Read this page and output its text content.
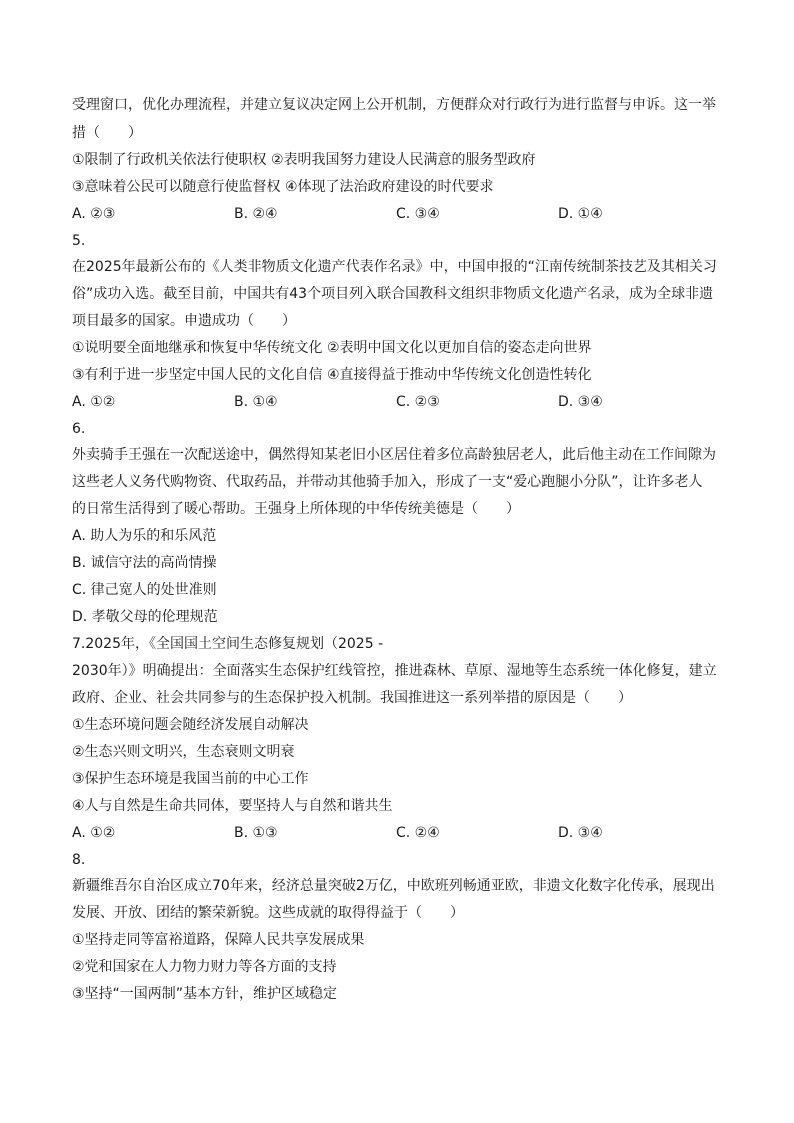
受理窗口，优化办理流程，并建立复议决定网上公开机制，方便群众对行政行为进行监督与申诉。这一举
措（　　）
①限制了行政机关依法行使职权 ②表明我国努力建设人民满意的服务型政府
③意味着公民可以随意行使监督权 ④体现了法治政府建设的时代要求
A. ②③	B. ②④	C. ③④	D. ①④
5.
在2025年最新公布的《人类非物质文化遗产代表作名录》中，中国申报的“江南传统制茶技艺及其相关习
俗”成功入选。截至目前，中国共有43个项目列入联合国教科文组织非物质文化遗产名录，成为全球非遗
项目最多的国家。申遗成功（　　）
①说明要全面地继承和恢复中华传统文化 ②表明中国文化以更加自信的姿态走向世界
③有利于进一步坚定中国人民的文化自信 ④直接得益于推动中华传统文化创造性转化
A. ①②	B. ①④	C. ②③	D. ③④
6.
外卖骑手王强在一次配送途中，偶然得知某老旧小区居住着多位高龄独居老人，此后他主动在工作间隙为
这些老人义务代购物资、代取药品，并带动其他骑手加入，形成了一支“爱心跑腿小分队”，让许多老人
的日常生活得到了暖心帮助。王强身上所体现的中华传统美德是（　　）
A. 助人为乐的和乐风范
B. 诚信守法的高尚情操
C. 律己宽人的处世准则
D. 孝敬父母的伦理规范
7.2025年，《全国国土空间生态修复规划（2025 -
2030年）》明确提出：全面落实生态保护红线管控，推进森林、草原、湿地等生态系统一体化修复，建立
政府、企业、社会共同参与的生态保护投入机制。我国推进这一系列举措的原因是（　　）
①生态环境问题会随经济发展自动解决
②生态兴则文明兴，生态衰则文明衰
③保护生态环境是我国当前的中心工作
④人与自然是生命共同体，要坚持人与自然和谐共生
A. ①②	B. ①③	C. ②④	D. ③④
8.
新疆维吾尔自治区成立70年来，经济总量突破2万亿，中欧班列畅通亚欧，非遗文化数字化传承，展现出
发展、开放、团结的繁荣新貌。这些成就的取得得益于（　　）
①坚持走同等富裕道路，保障人民共享发展成果
②党和国家在人力物力财力等各方面的支持
③坚持“一国两制”基本方针，维护区域稳定
